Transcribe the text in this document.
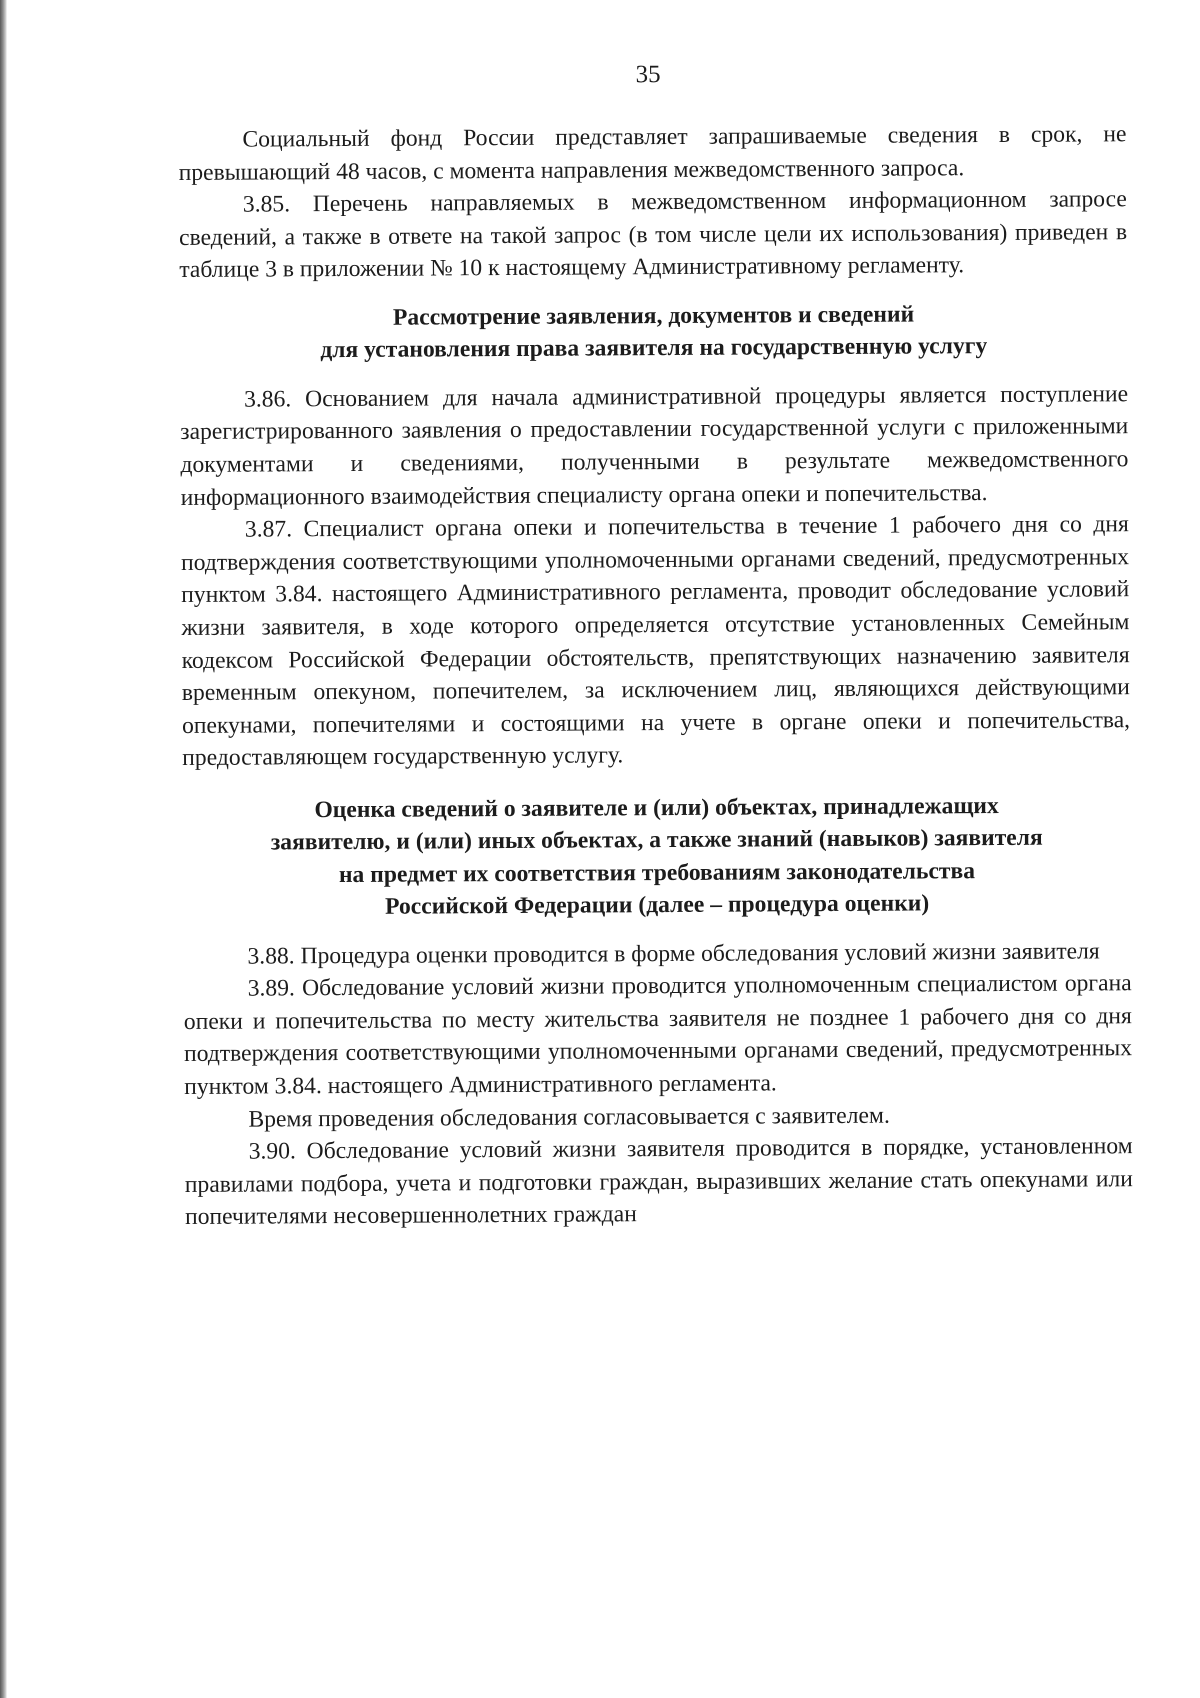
35

Социальный фонд России представляет запрашиваемые сведения в срок, не превышающий 48 часов, с момента направления межведомственного запроса.

3.85. Перечень направляемых в межведомственном информационном запросе сведений, а также в ответе на такой запрос (в том числе цели их использования) приведен в таблице 3 в приложении № 10 к настоящему Административному регламенту.

Рассмотрение заявления, документов и сведений
для установления права заявителя на государственную услугу

3.86. Основанием для начала административной процедуры является поступление зарегистрированного заявления о предоставлении государственной услуги с приложенными документами и сведениями, полученными в результате межведомственного информационного взаимодействия специалисту органа опеки и попечительства.

3.87. Специалист органа опеки и попечительства в течение 1 рабочего дня со дня подтверждения соответствующими уполномоченными органами сведений, предусмотренных пунктом 3.84. настоящего Административного регламента, проводит обследование условий жизни заявителя, в ходе которого определяется отсутствие установленных Семейным кодексом Российской Федерации обстоятельств, препятствующих назначению заявителя временным опекуном, попечителем, за исключением лиц, являющихся действующими опекунами, попечителями и состоящими на учете в органе опеки и попечительства, предоставляющем государственную услугу.

Оценка сведений о заявителе и (или) объектах, принадлежащих
заявителю, и (или) иных объектах, а также знаний (навыков) заявителя
на предмет их соответствия требованиям законодательства
Российской Федерации (далее – процедура оценки)

3.88. Процедура оценки проводится в форме обследования условий жизни заявителя

3.89. Обследование условий жизни проводится уполномоченным специалистом органа опеки и попечительства по месту жительства заявителя не позднее 1 рабочего дня со дня подтверждения соответствующими уполномоченными органами сведений, предусмотренных пунктом 3.84. настоящего Административного регламента.

Время проведения обследования согласовывается с заявителем.

3.90. Обследование условий жизни заявителя проводится в порядке, установленном правилами подбора, учета и подготовки граждан, выразивших желание стать опекунами или попечителями несовершеннолетних граждан
